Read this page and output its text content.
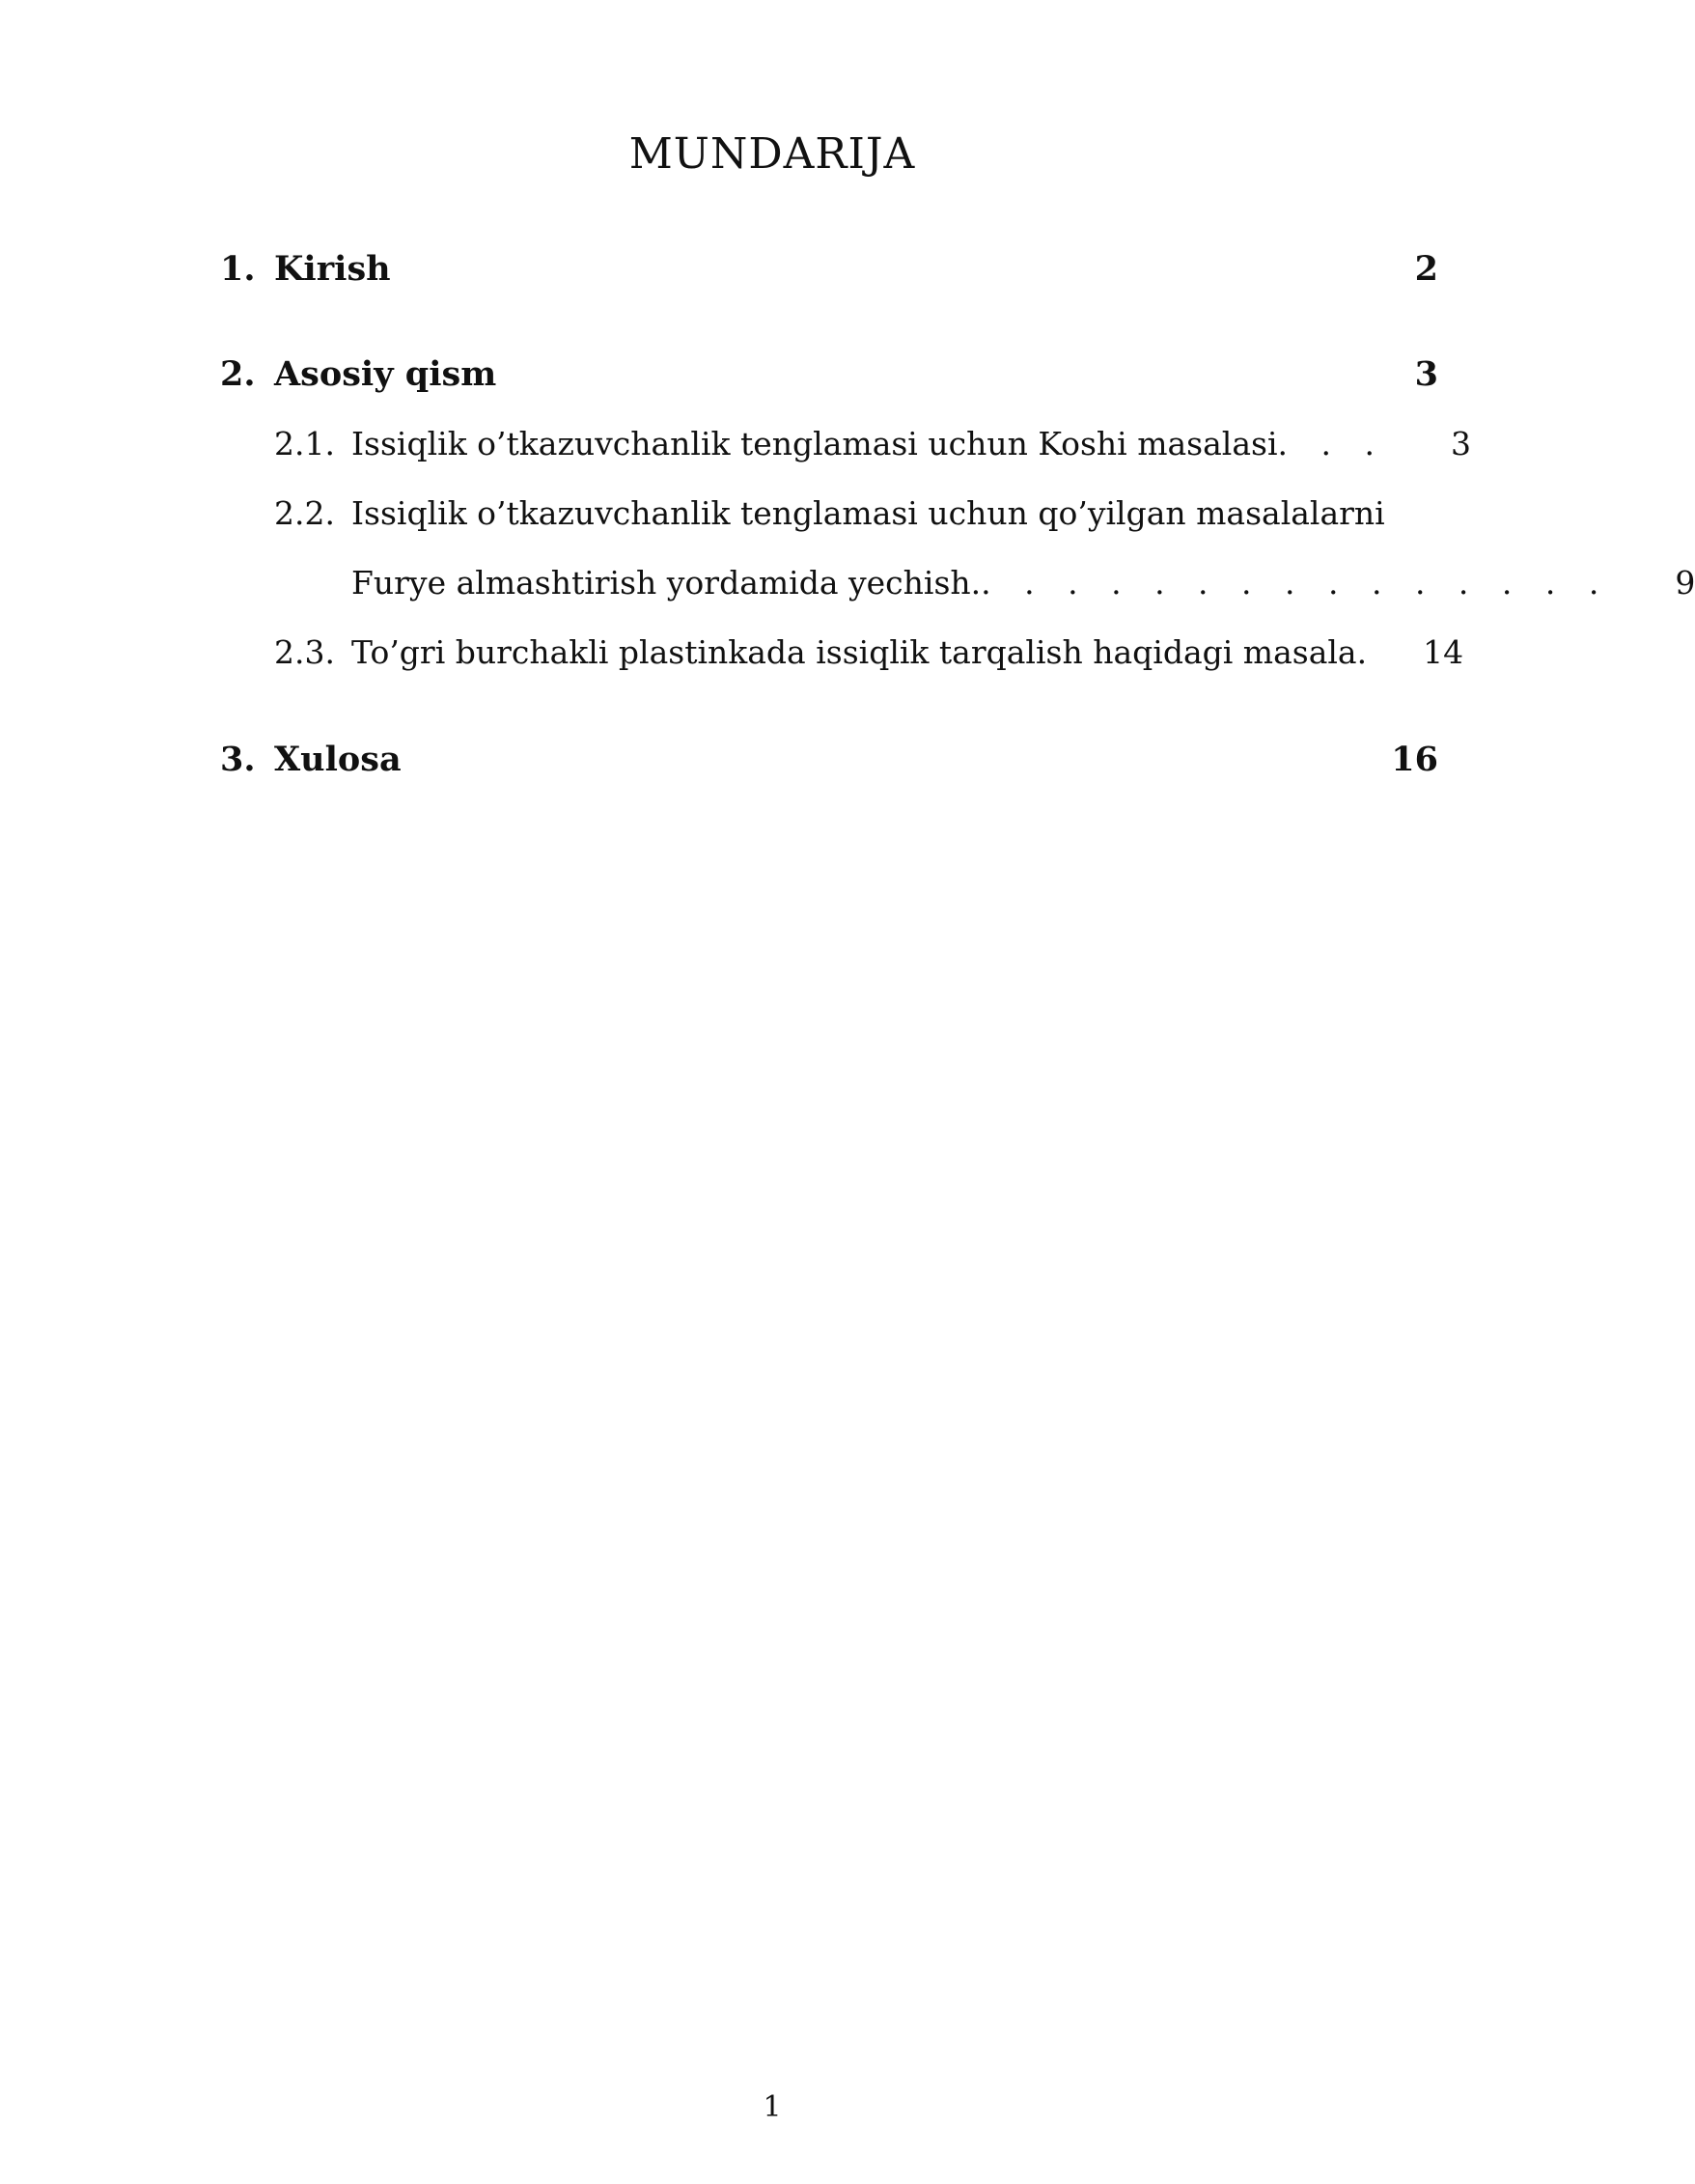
MUNDARIJA
1. Kirish	2
2. Asosiy qism	3
2.1. Issiqlik o’tkazuvchanlik tenglamasi uchun Koshi masalasi . . .	3
2.2. Issiqlik o’tkazuvchanlik tenglamasi uchun qo’yilgan masalalarni
Furye almashtirish yordamida yechish. . . . . . . . . . . . . . . .	9
2.3. To’gri burchakli plastinkada issiqlik tarqalish haqidagi masala .	14
3. Xulosa	16
1
